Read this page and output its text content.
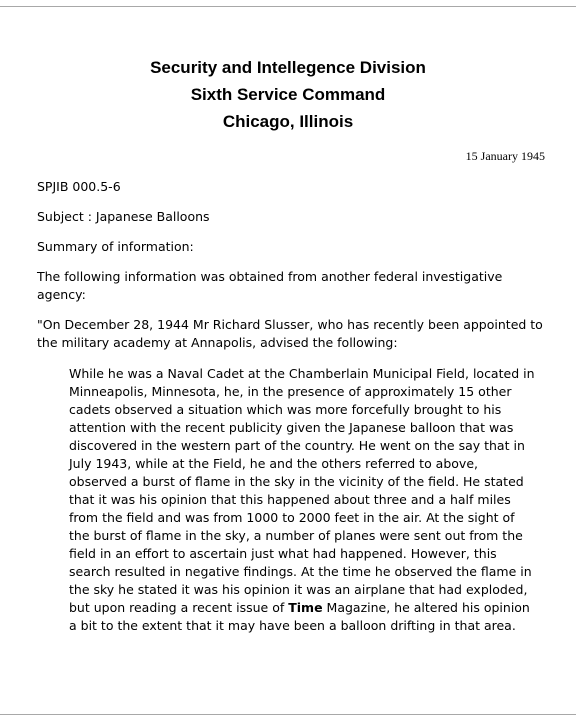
Security and Intellegence Division
Sixth Service Command
Chicago, Illinois
15 January 1945

SPJIB 000.5-6

Subject : Japanese Balloons

Summary of information:

The following information was obtained from another federal investigative agency:

"On December 28, 1944 Mr Richard Slusser, who has recently been appointed to the military academy at Annapolis, advised the following:

While he was a Naval Cadet at the Chamberlain Municipal Field, located in Minneapolis, Minnesota, he, in the presence of approximately 15 other cadets observed a situation which was more forcefully brought to his attention with the recent publicity given the Japanese balloon that was discovered in the western part of the country. He went on the say that in July 1943, while at the Field, he and the others referred to above, observed a burst of flame in the sky in the vicinity of the field. He stated that it was his opinion that this happened about three and a half miles from the field and was from 1000 to 2000 feet in the air. At the sight of the burst of flame in the sky, a number of planes were sent out from the field in an effort to ascertain just what had happened. However, this search resulted in negative findings. At the time he observed the flame in the sky he stated it was his opinion it was an airplane that had exploded, but upon reading a recent issue of Time Magazine, he altered his opinion a bit to the extent that it may have been a balloon drifting in that area.
